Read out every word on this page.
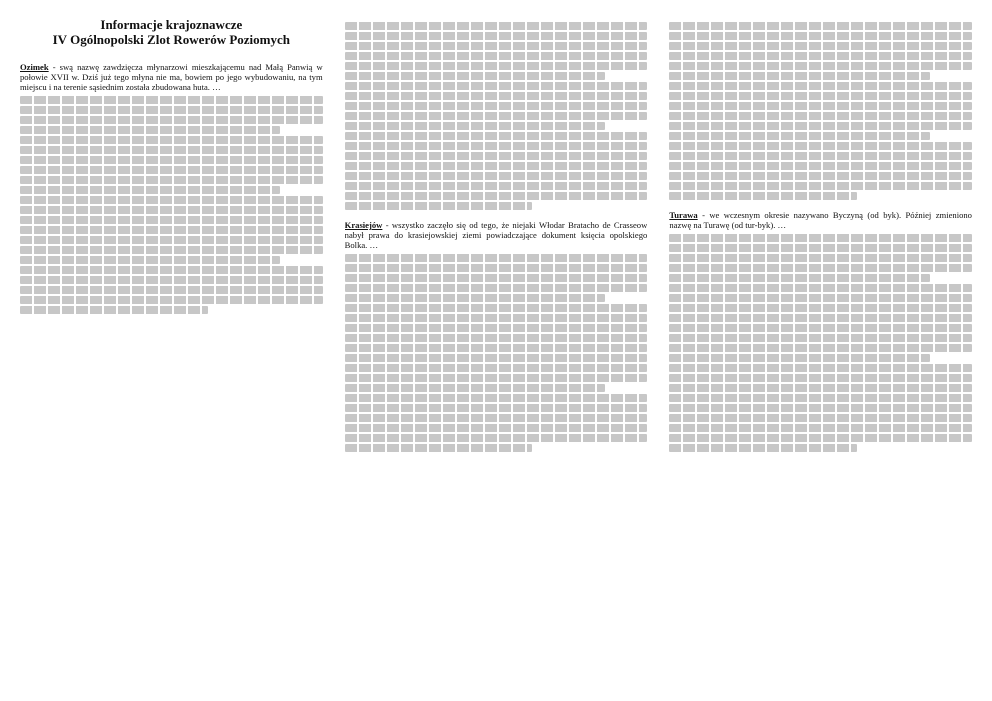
Informacje krajoznawcze

IV Ogólnopolski Zlot Rowerów Poziomych

Ozimek - swą nazwę zawdzięcza młynarzowi mieszkającemu nad Małą Panwią w połowie XVII w. Dziś już tego młyna nie ma, bowiem po jego wybudowaniu, na tym miejscu i na terenie sąsiednim została zbudowana huta. …
Krasiejów - wszystko zaczęło się od tego, że niejaki Włodar Bratacho de Crasseow nabył prawa do krasiejowskiej ziemi powiadczające dokument księcia opolskiego Bolka. …
Turawa - we wczesnym okresie nazywano Byczyną (od byk). Później zmieniono nazwę na Turawę (od tur-byk). …
